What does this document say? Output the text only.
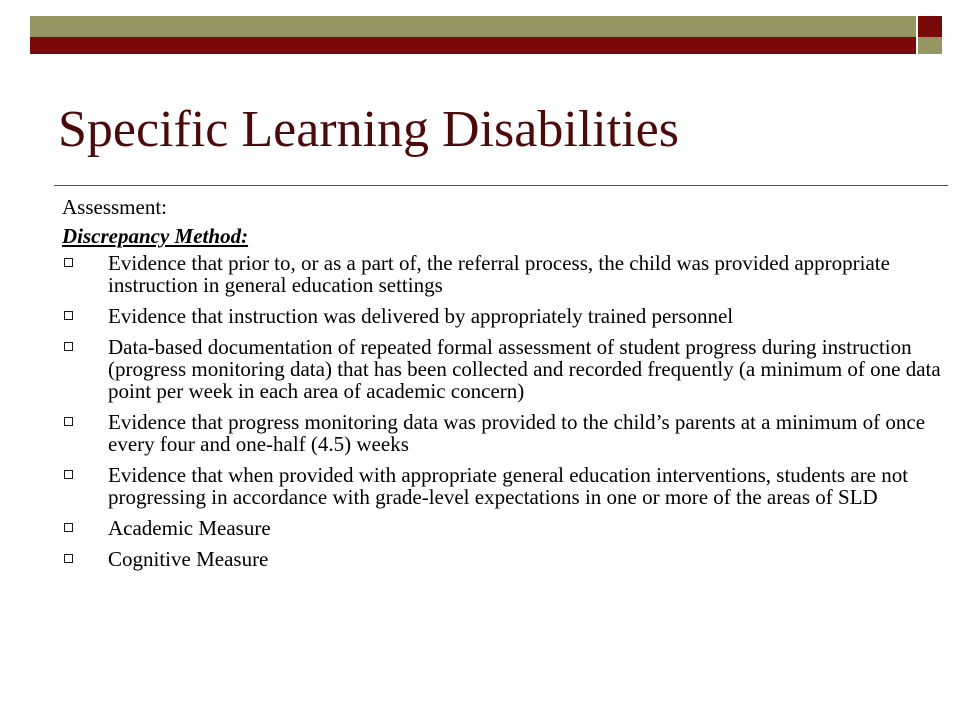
Specific Learning Disabilities

Assessment:

Discrepancy Method:

Evidence that prior to, or as a part of, the referral process, the child was provided appropriate instruction in general education settings
Evidence that instruction was delivered by appropriately trained personnel
Data-based documentation of repeated formal assessment of student progress during instruction (progress monitoring data) that has been collected and recorded frequently (a minimum of one data point per week in each area of academic concern)
Evidence that progress monitoring data was provided to the child’s parents at a minimum of once every four and one-half (4.5) weeks
Evidence that when provided with appropriate general education interventions, students are not progressing in accordance with grade-level expectations in one or more of the areas of SLD
Academic Measure
Cognitive Measure
